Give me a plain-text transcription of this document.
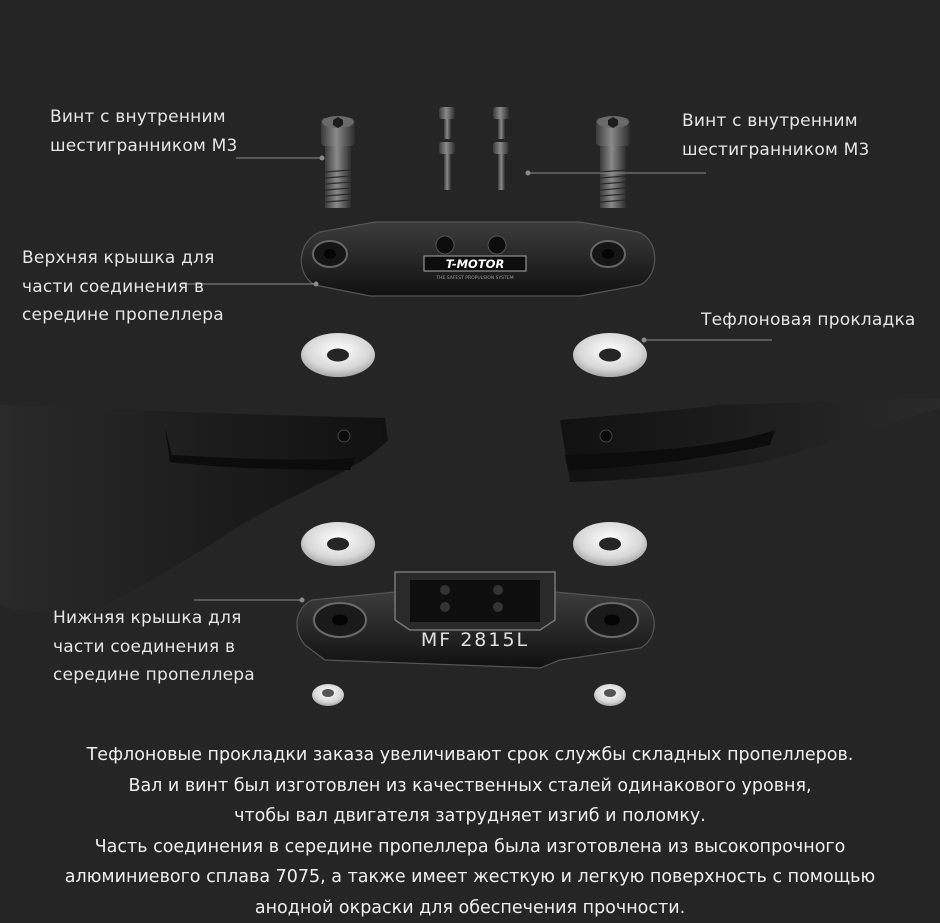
T-MOTOR
THE SAFEST PROPULSION SYSTEM
MF 2815L
Винт с внутренним
шестигранником М3
Винт с внутренним
шестигранником М3
Верхняя крышка для
части соединения в
середине пропеллера	Тефлоновая прокладка
Нижняя крышка для
части соединения в
середине пропеллера
Тефлоновые прокладки заказа увеличивают срок службы складных пропеллеров.
Вал и винт был изготовлен из качественных сталей одинакового уровня,
чтобы вал двигателя затрудняет изгиб и поломку.
Часть соединения в середине пропеллера была изготовлена из высокопрочного
алюминиевого сплава 7075, а также имеет жесткую и легкую поверхность с помощью
анодной окраски для обеспечения прочности.
